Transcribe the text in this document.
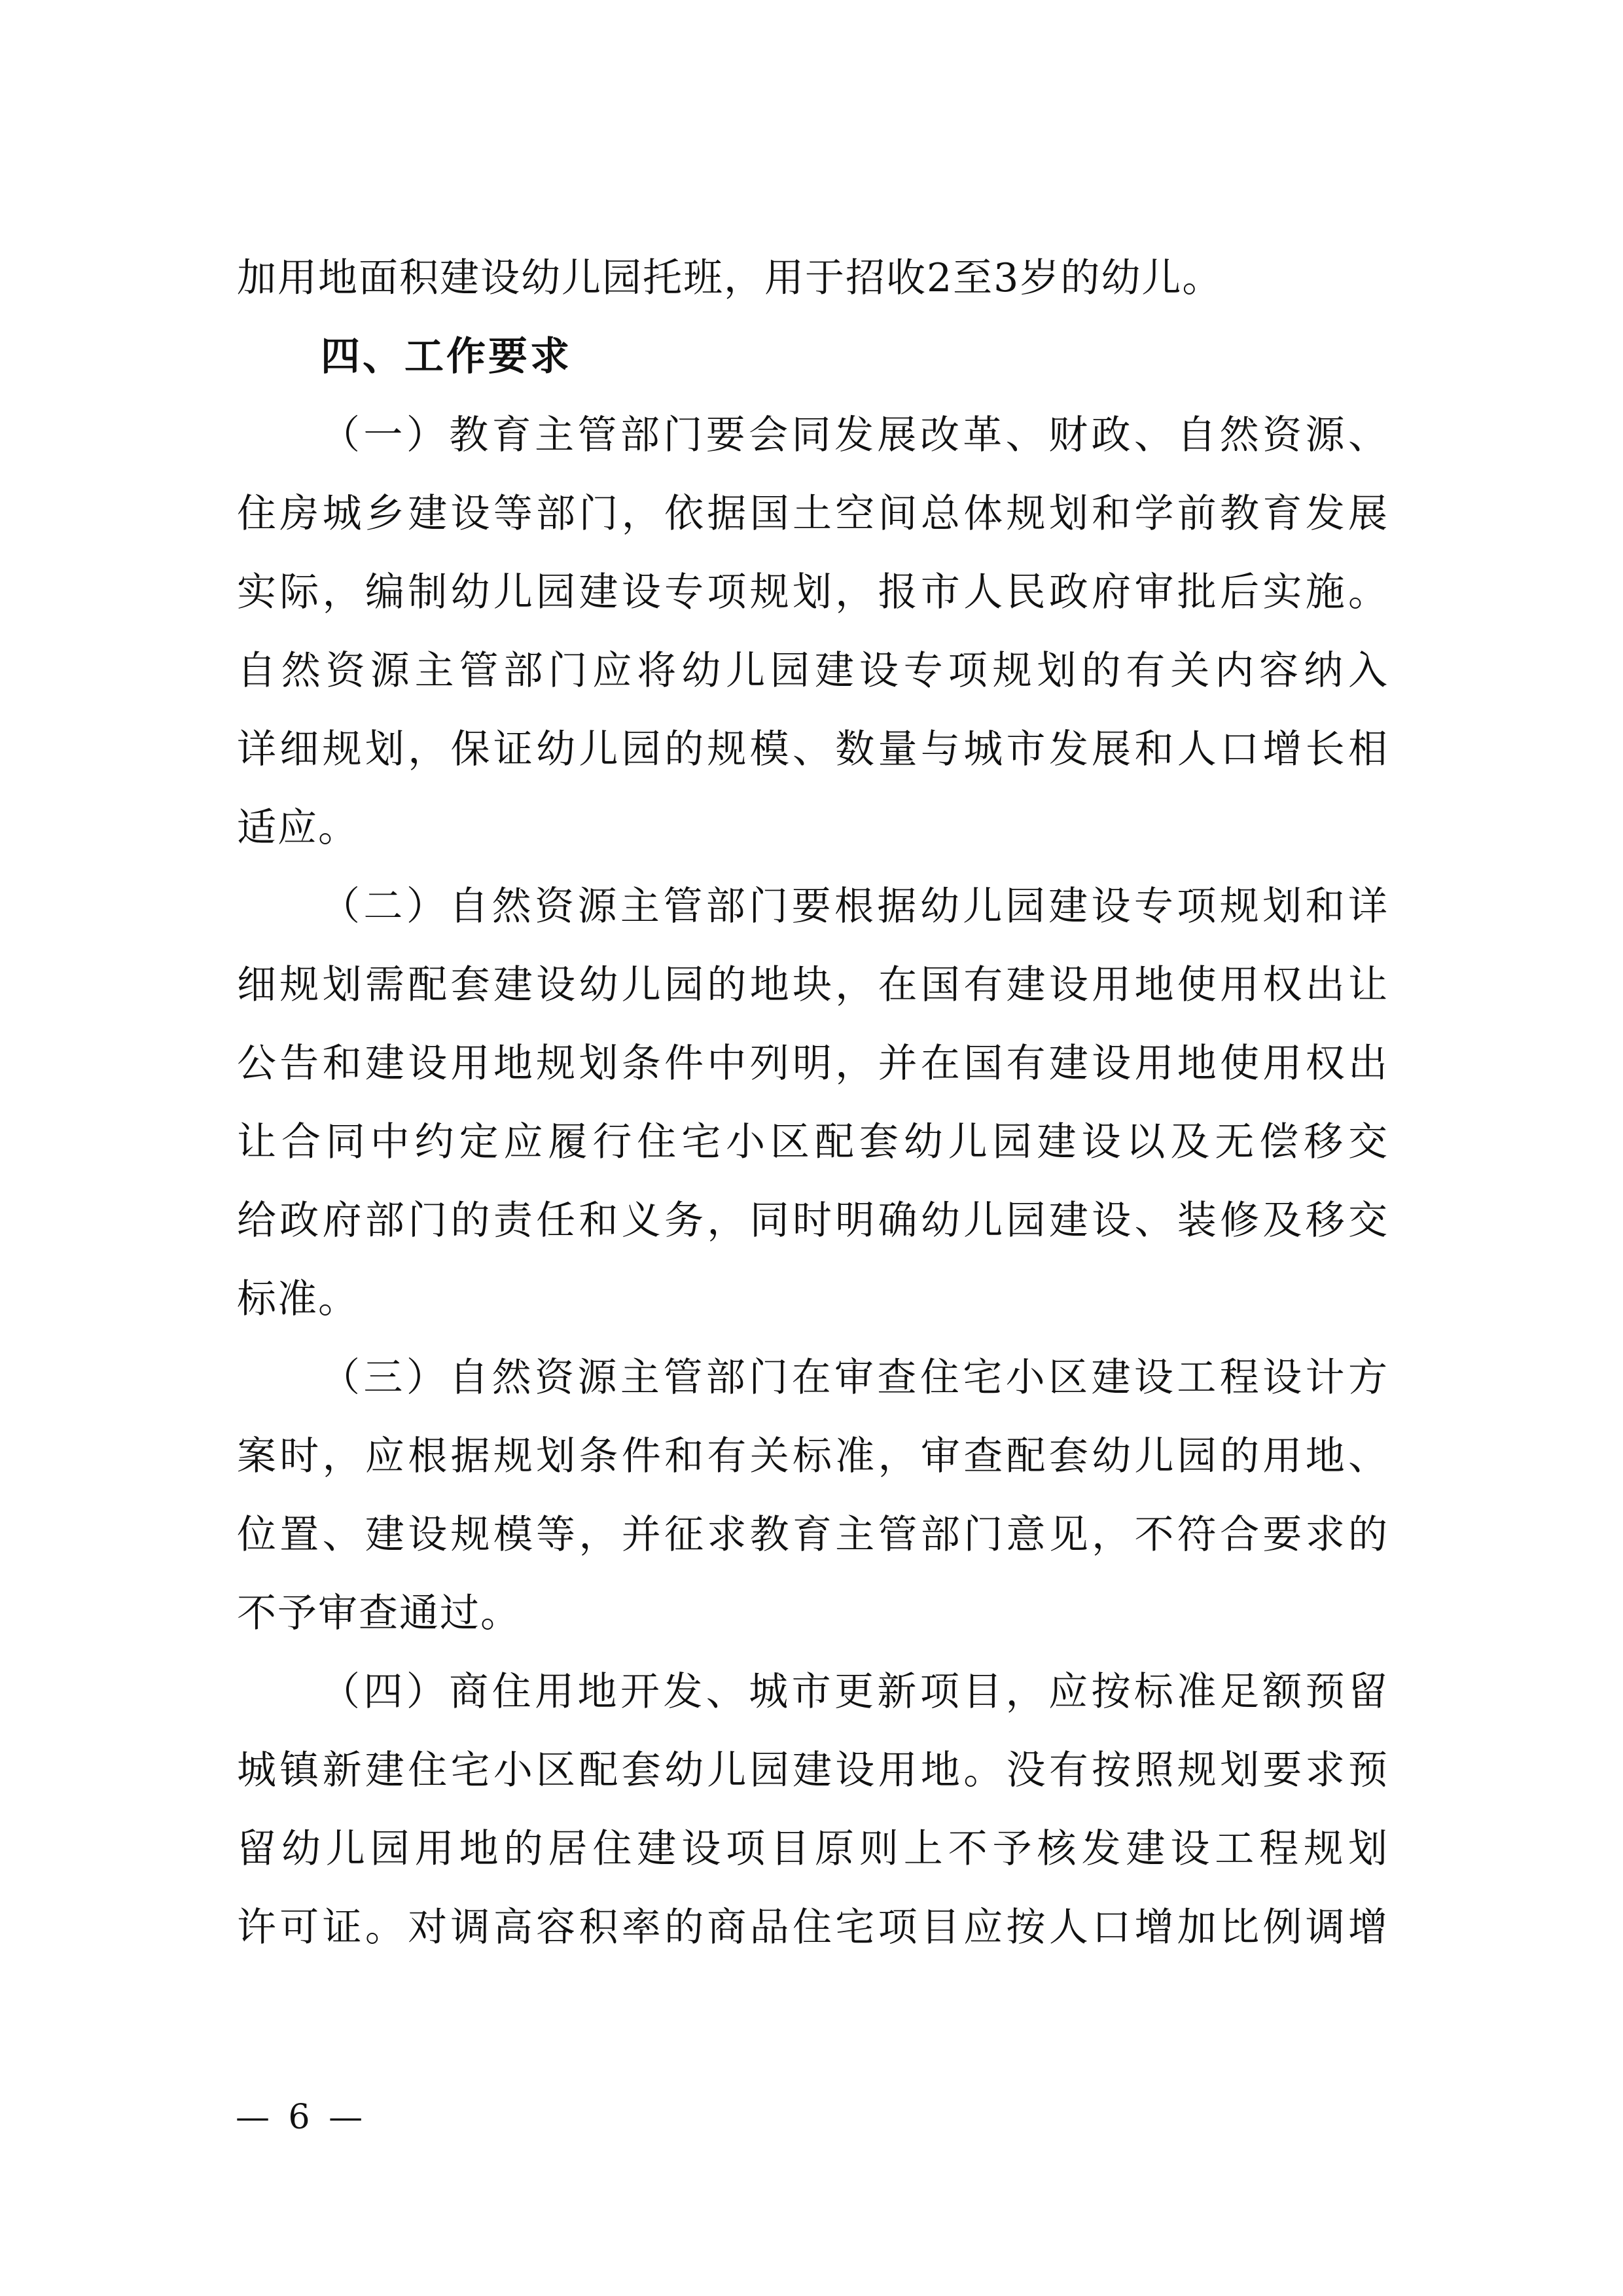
加用地面积建设幼儿园托班，用于招收2至3岁的幼儿。
四、工作要求
（一）教育主管部门要会同发展改革、财政、自然资源、
住房城乡建设等部门，依据国土空间总体规划和学前教育发展
实际，编制幼儿园建设专项规划，报市人民政府审批后实施。
自然资源主管部门应将幼儿园建设专项规划的有关内容纳入
详细规划，保证幼儿园的规模、数量与城市发展和人口增长相
适应。
（二）自然资源主管部门要根据幼儿园建设专项规划和详
细规划需配套建设幼儿园的地块，在国有建设用地使用权出让
公告和建设用地规划条件中列明，并在国有建设用地使用权出
让合同中约定应履行住宅小区配套幼儿园建设以及无偿移交
给政府部门的责任和义务，同时明确幼儿园建设、装修及移交
标准。
（三）自然资源主管部门在审查住宅小区建设工程设计方
案时，应根据规划条件和有关标准，审查配套幼儿园的用地、
位置、建设规模等，并征求教育主管部门意见，不符合要求的
不予审查通过。
（四）商住用地开发、城市更新项目，应按标准足额预留
城镇新建住宅小区配套幼儿园建设用地。没有按照规划要求预
留幼儿园用地的居住建设项目原则上不予核发建设工程规划
许可证。对调高容积率的商品住宅项目应按人口增加比例调增
— 6 —
